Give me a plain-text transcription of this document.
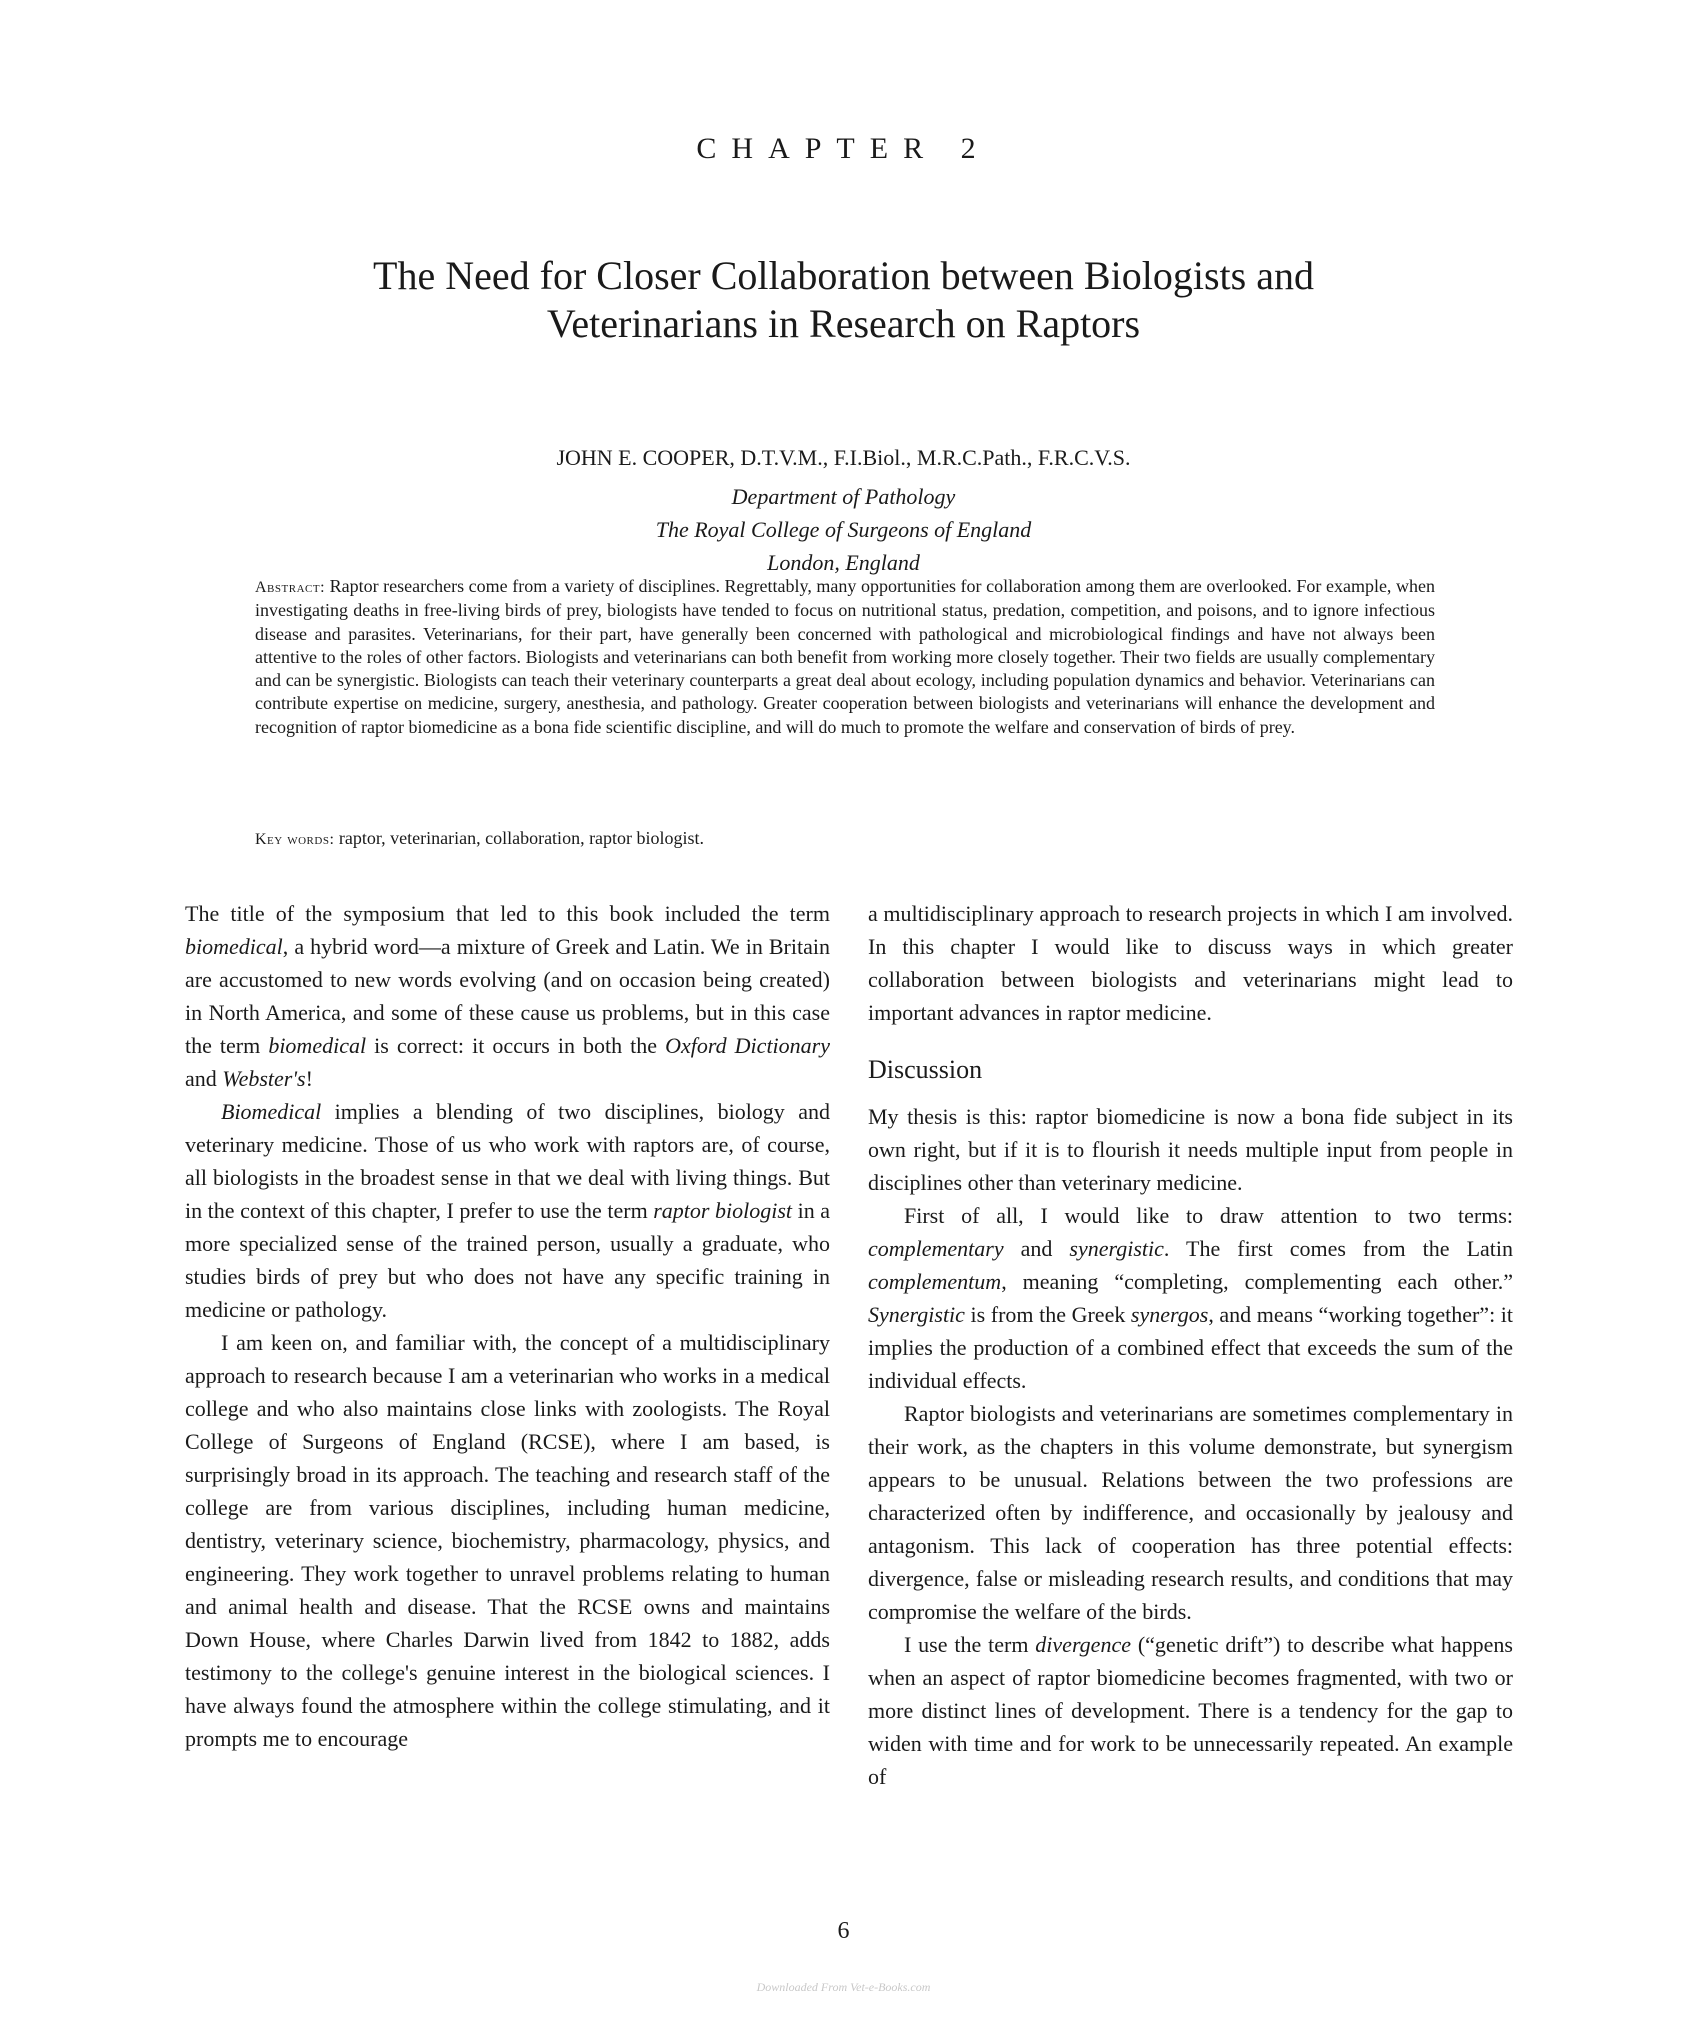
CHAPTER 2
The Need for Closer Collaboration between Biologists and
Veterinarians in Research on Raptors
JOHN E. COOPER, D.T.V.M., F.I.Biol., M.R.C.Path., F.R.C.V.S.
Department of Pathology
The Royal College of Surgeons of England
London, England

Abstract: Raptor researchers come from a variety of disciplines. Regrettably, many opportunities for collaboration among them are overlooked. For example, when investigating deaths in free-living birds of prey, biologists have tended to focus on nutritional status, predation, competition, and poisons, and to ignore infectious disease and parasites. Veterinarians, for their part, have generally been concerned with pathological and microbiological findings and have not always been attentive to the roles of other factors. Biologists and veterinarians can both benefit from working more closely together. Their two fields are usually complementary and can be synergistic. Biologists can teach their veterinary counterparts a great deal about ecology, including population dynamics and behavior. Veterinarians can contribute expertise on medicine, surgery, anesthesia, and pathology. Greater cooperation between biologists and veterinarians will enhance the development and recognition of raptor biomedicine as a bona fide scientific discipline, and will do much to promote the welfare and conservation of birds of prey.

Key words: raptor, veterinarian, collaboration, raptor biologist.

The title of the symposium that led to this book included the term biomedical, a hybrid word—a mixture of Greek and Latin. We in Britain are accustomed to new words evolving (and on occasion being created) in North America, and some of these cause us problems, but in this case the term biomedical is correct: it occurs in both the Oxford Dictionary and Webster's!

Biomedical implies a blending of two disciplines, biology and veterinary medicine. Those of us who work with raptors are, of course, all biologists in the broadest sense in that we deal with living things. But in the context of this chapter, I prefer to use the term raptor biologist in a more specialized sense of the trained person, usually a graduate, who studies birds of prey but who does not have any specific training in medicine or pathology.

I am keen on, and familiar with, the concept of a multidisciplinary approach to research because I am a veterinarian who works in a medical college and who also maintains close links with zoologists. The Royal College of Surgeons of England (RCSE), where I am based, is surprisingly broad in its approach. The teaching and research staff of the college are from various disciplines, including human medicine, dentistry, veterinary science, biochemistry, pharmacology, physics, and engineering. They work together to unravel problems relating to human and animal health and disease. That the RCSE owns and maintains Down House, where Charles Darwin lived from 1842 to 1882, adds testimony to the college's genuine interest in the biological sciences. I have always found the atmosphere within the college stimulating, and it prompts me to encourage

a multidisciplinary approach to research projects in which I am involved. In this chapter I would like to discuss ways in which greater collaboration between biologists and veterinarians might lead to important advances in raptor medicine.

Discussion

My thesis is this: raptor biomedicine is now a bona fide subject in its own right, but if it is to flourish it needs multiple input from people in disciplines other than veterinary medicine.

First of all, I would like to draw attention to two terms: complementary and synergistic. The first comes from the Latin complementum, meaning “completing, complementing each other.” Synergistic is from the Greek synergos, and means “working together”: it implies the production of a combined effect that exceeds the sum of the individual effects.

Raptor biologists and veterinarians are sometimes complementary in their work, as the chapters in this volume demonstrate, but synergism appears to be unusual. Relations between the two professions are characterized often by indifference, and occasionally by jealousy and antagonism. This lack of cooperation has three potential effects: divergence, false or misleading research results, and conditions that may compromise the welfare of the birds.

I use the term divergence (“genetic drift”) to describe what happens when an aspect of raptor biomedicine becomes fragmented, with two or more distinct lines of development. There is a tendency for the gap to widen with time and for work to be unnecessarily repeated. An example of

6
Downloaded From Vet-e-Books.com
